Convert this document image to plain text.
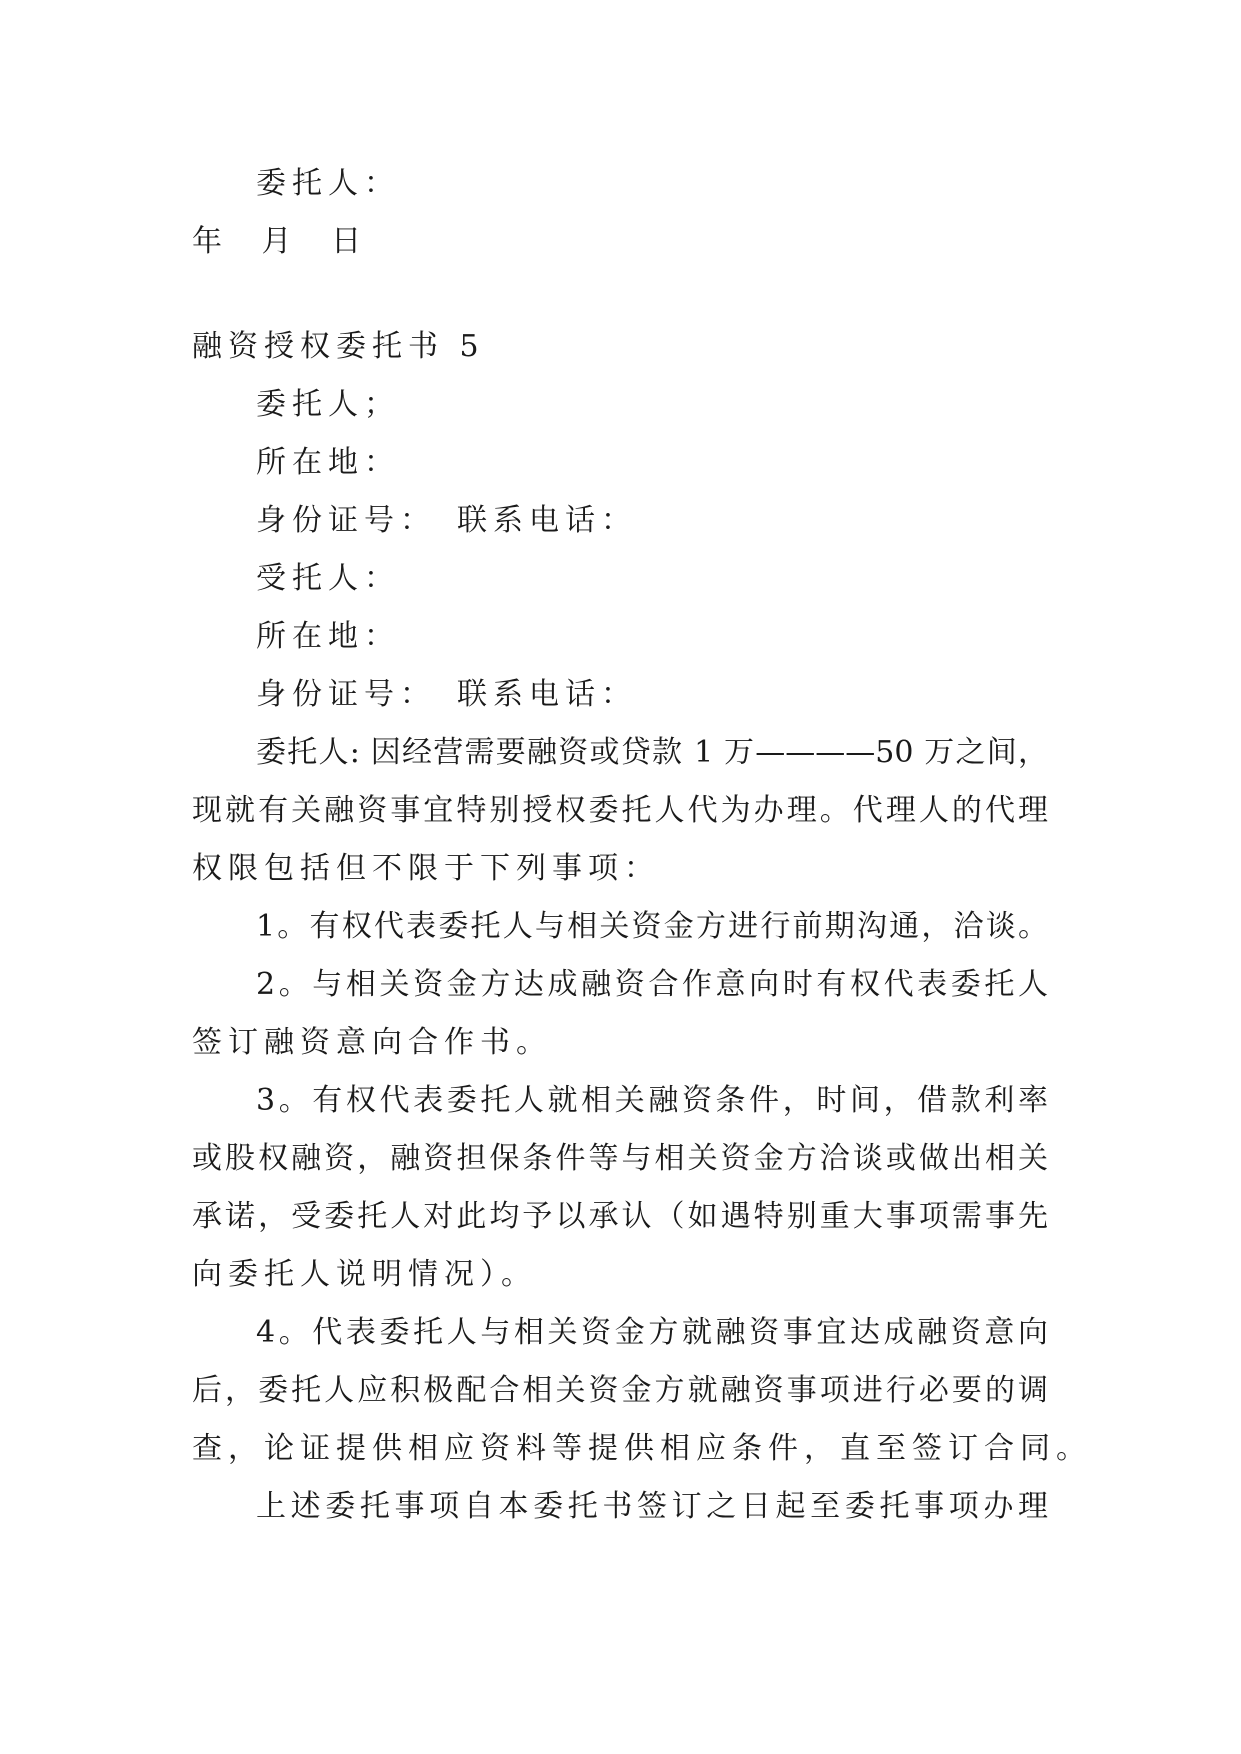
委托人：
年 月 日
融资授权委托书 5
委托人；
所在地：
身份证号：　联系电话：
受托人：
所在地：
身份证号：　联系电话：
委托人: 因经营需要融资或贷款 1 万————50 万之间，
现就有关融资事宜特别授权委托人代为办理。代理人的代理
权限包括但不限于下列事项：
1。有权代表委托人与相关资金方进行前期沟通，洽谈。
2。与相关资金方达成融资合作意向时有权代表委托人
签订融资意向合作书。
3。有权代表委托人就相关融资条件，时间，借款利率
或股权融资，融资担保条件等与相关资金方洽谈或做出相关
承诺，受委托人对此均予以承认（如遇特别重大事项需事先
向委托人说明情况）。
4。代表委托人与相关资金方就融资事宜达成融资意向
后，委托人应积极配合相关资金方就融资事项进行必要的调
查，论证提供相应资料等提供相应条件，直至签订合同。
上述委托事项自本委托书签订之日起至委托事项办理
